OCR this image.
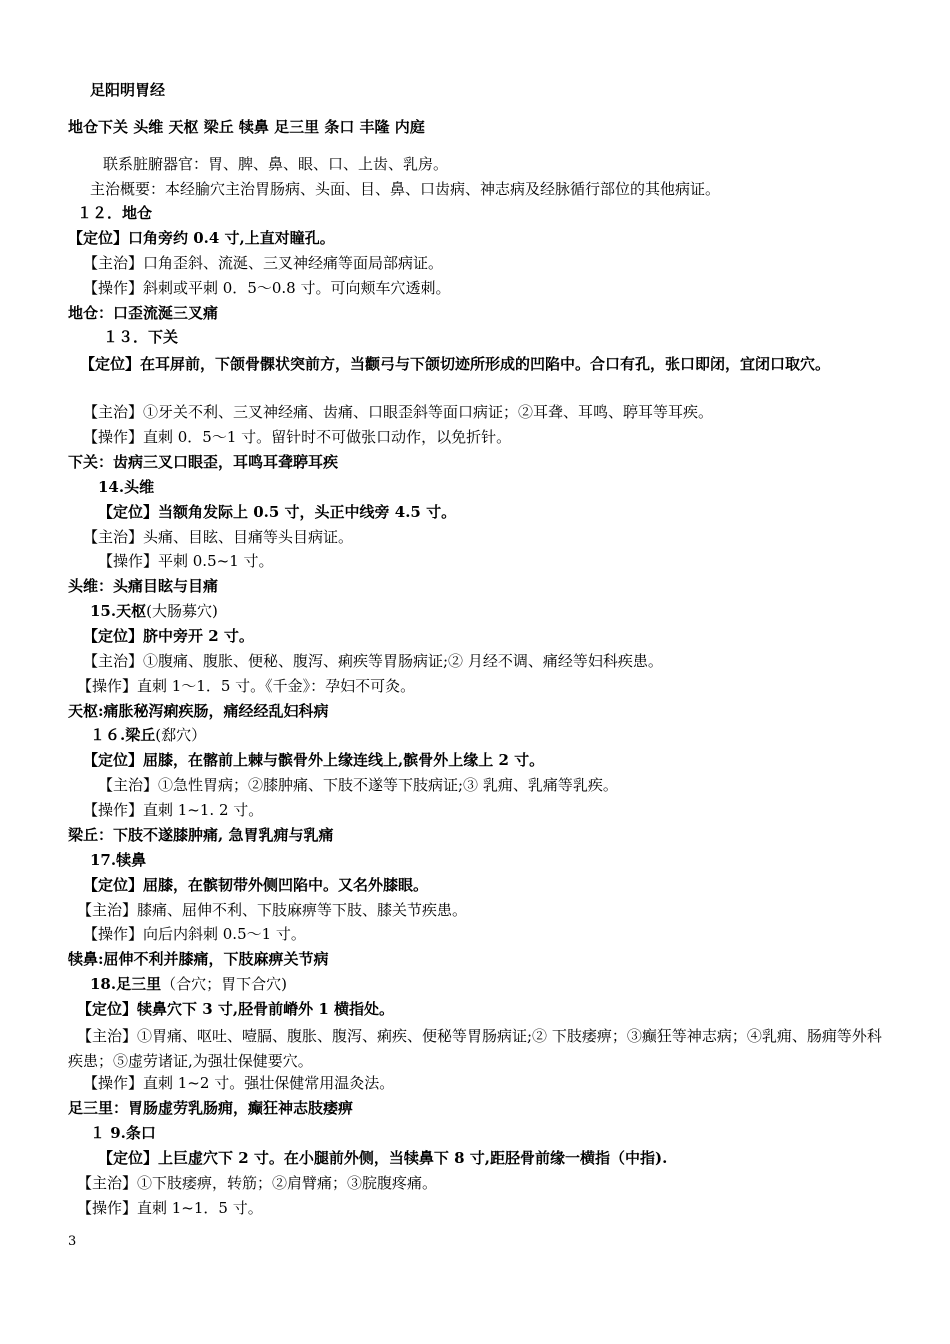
足阳明胃经
地仓下关 头维 天枢 梁丘 犊鼻 足三里 条口 丰隆 内庭
联系脏腑器官：胃、脾、鼻、眼、口、上齿、乳房。
主治概要：本经腧穴主治胃肠病、头面、目、鼻、口齿病、神志病及经脉循行部位的其他病证。
１２．地仓
【定位】口角旁约 0.4 寸,上直对瞳孔。
【主治】口角歪斜、流涎、三叉神经痛等面局部病证。
【操作】斜刺或平刺 0．5～0.8 寸。可向颊车穴透刺。
地仓：口歪流涎三叉痛
１３．下关
【定位】在耳屏前，下颌骨髁状突前方，当颧弓与下颌切迹所形成的凹陷中。合口有孔，张口即闭，宜闭口取穴。
【主治】①牙关不利、三叉神经痛、齿痛、口眼歪斜等面口病证；②耳聋、耳鸣、聤耳等耳疾。
【操作】直刺 0．5～1 寸。留针时不可做张口动作，以免折针。
下关：齿病三叉口眼歪，耳鸣耳聋聤耳疾
14.头维
【定位】当额角发际上 0.5 寸，头正中线旁 4.5 寸。
【主治】头痛、目眩、目痛等头目病证。
【操作】平刺 0.5~1 寸。
头维：头痛目眩与目痛
15.天枢(大肠募穴)
【定位】脐中旁开 2 寸。
【主治】①腹痛、腹胀、便秘、腹泻、痢疾等胃肠病证;② 月经不调、痛经等妇科疾患。
【操作】直刺 1～1．5 寸。《千金》：孕妇不可灸。
天枢:痛胀秘泻痢疾肠，痛经经乱妇科病
１６.梁丘(郄穴）
【定位】屈膝，在髂前上棘与髌骨外上缘连线上,髌骨外上缘上 2 寸。
【主治】①急性胃病；②膝肿痛、下肢不遂等下肢病证;③ 乳痈、乳痛等乳疾。
【操作】直刺 1~1. 2 寸。
梁丘：下肢不遂膝肿痛, 急胃乳痈与乳痛
17.犊鼻
【定位】屈膝，在髌韧带外侧凹陷中。又名外膝眼。
【主治】膝痛、屈伸不利、下肢麻痹等下肢、膝关节疾患。
【操作】向后内斜刺 0.5～1 寸。
犊鼻:屈伸不利并膝痛，下肢麻痹关节病
18.足三里（合穴；胃下合穴)
【定位】犊鼻穴下 3 寸,胫骨前嵴外 1 横指处。
【主治】①胃痛、呕吐、噎膈、腹胀、腹泻、痢疾、便秘等胃肠病证;② 下肢痿痹；③癫狂等神志病；④乳痈、肠痈等外科疾患；⑤虚劳诸证,为强壮保健要穴。
【操作】直刺 1~2 寸。强壮保健常用温灸法。
足三里：胃肠虚劳乳肠痈，癫狂神志肢痿痹
１ 9.条口
【定位】上巨虚穴下 2 寸。在小腿前外侧，当犊鼻下 8 寸,距胫骨前缘一横指（中指).
【主治】①下肢痿痹，转筋；②肩臂痛；③脘腹疼痛。
【操作】直刺 1~1．5 寸。
3
